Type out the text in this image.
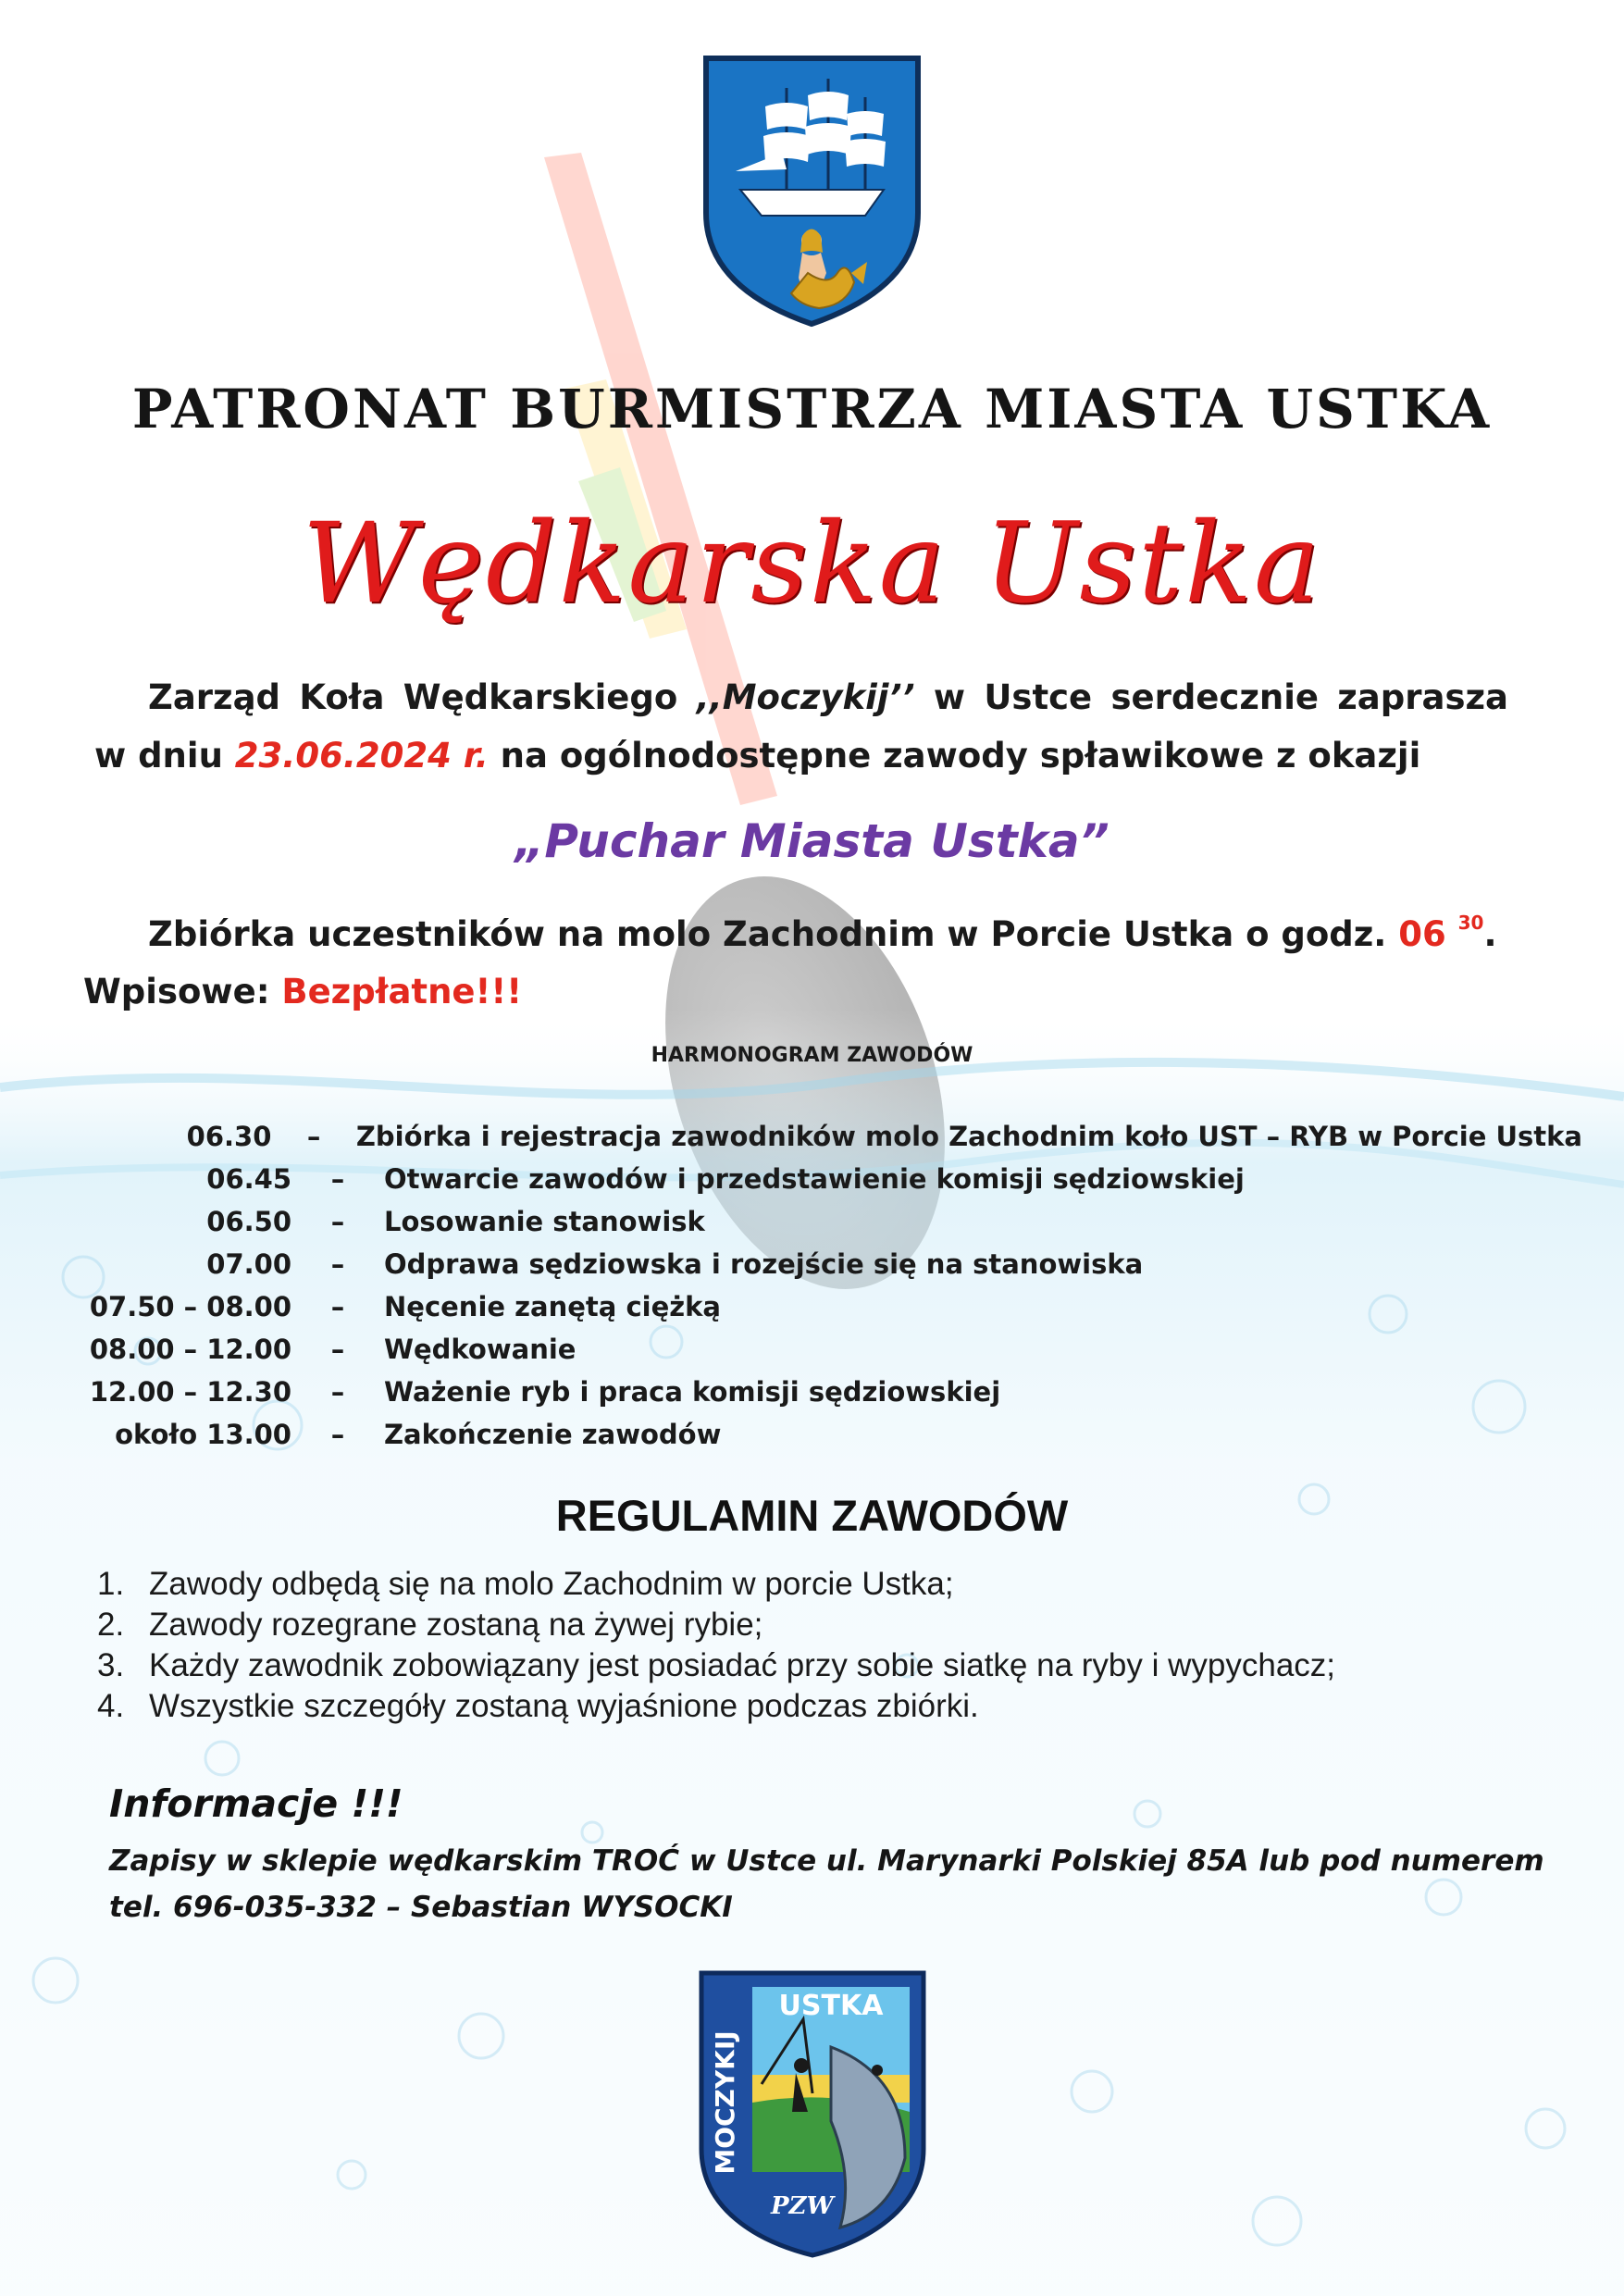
PATRONAT BURMISTRZA MIASTA USTKA
Wędkarska Ustka
Zarząd Koła Wędkarskiego ,,Moczykij’’ w Ustce serdecznie zaprasza
w dniu 23.06.2024 r. na ogólnodostępne zawody spławikowe z okazji
„Puchar Miasta Ustka”
Zbiórka uczestników na molo Zachodnim w Porcie Ustka o godz. 06 $^{30}$.
Wpisowe: Bezpłatne!!!
HARMONOGRAM ZAWODÓW
06.30	–	Zbiórka i rejestracja zawodników molo Zachodnim koło UST – RYB w Porcie Ustka
06.45	–	Otwarcie zawodów i przedstawienie komisji sędziowskiej
06.50	–	Losowanie stanowisk
07.00	–	Odprawa sędziowska i rozejście się na stanowiska
07.50 – 08.00	–	Nęcenie zanętą ciężką
08.00 – 12.00	–	Wędkowanie
12.00 – 12.30	–	Ważenie ryb i praca komisji sędziowskiej
około 13.00	–	Zakończenie zawodów
REGULAMIN ZAWODÓW
1. Zawody odbędą się na molo Zachodnim w porcie Ustka;
2. Zawody rozegrane zostaną na żywej rybie;
3. Każdy zawodnik zobowiązany jest posiadać przy sobie siatkę na ryby i wypychacz;
4. Wszystkie szczegóły zostaną wyjaśnione podczas zbiórki.
Informacje !!!
Zapisy w sklepie wędkarskim TROĆ w Ustce ul. Marynarki Polskiej 85A lub pod numerem
tel. 696-035-332 – Sebastian WYSOCKI
USTKA
MOCZYKIJ
PZW
